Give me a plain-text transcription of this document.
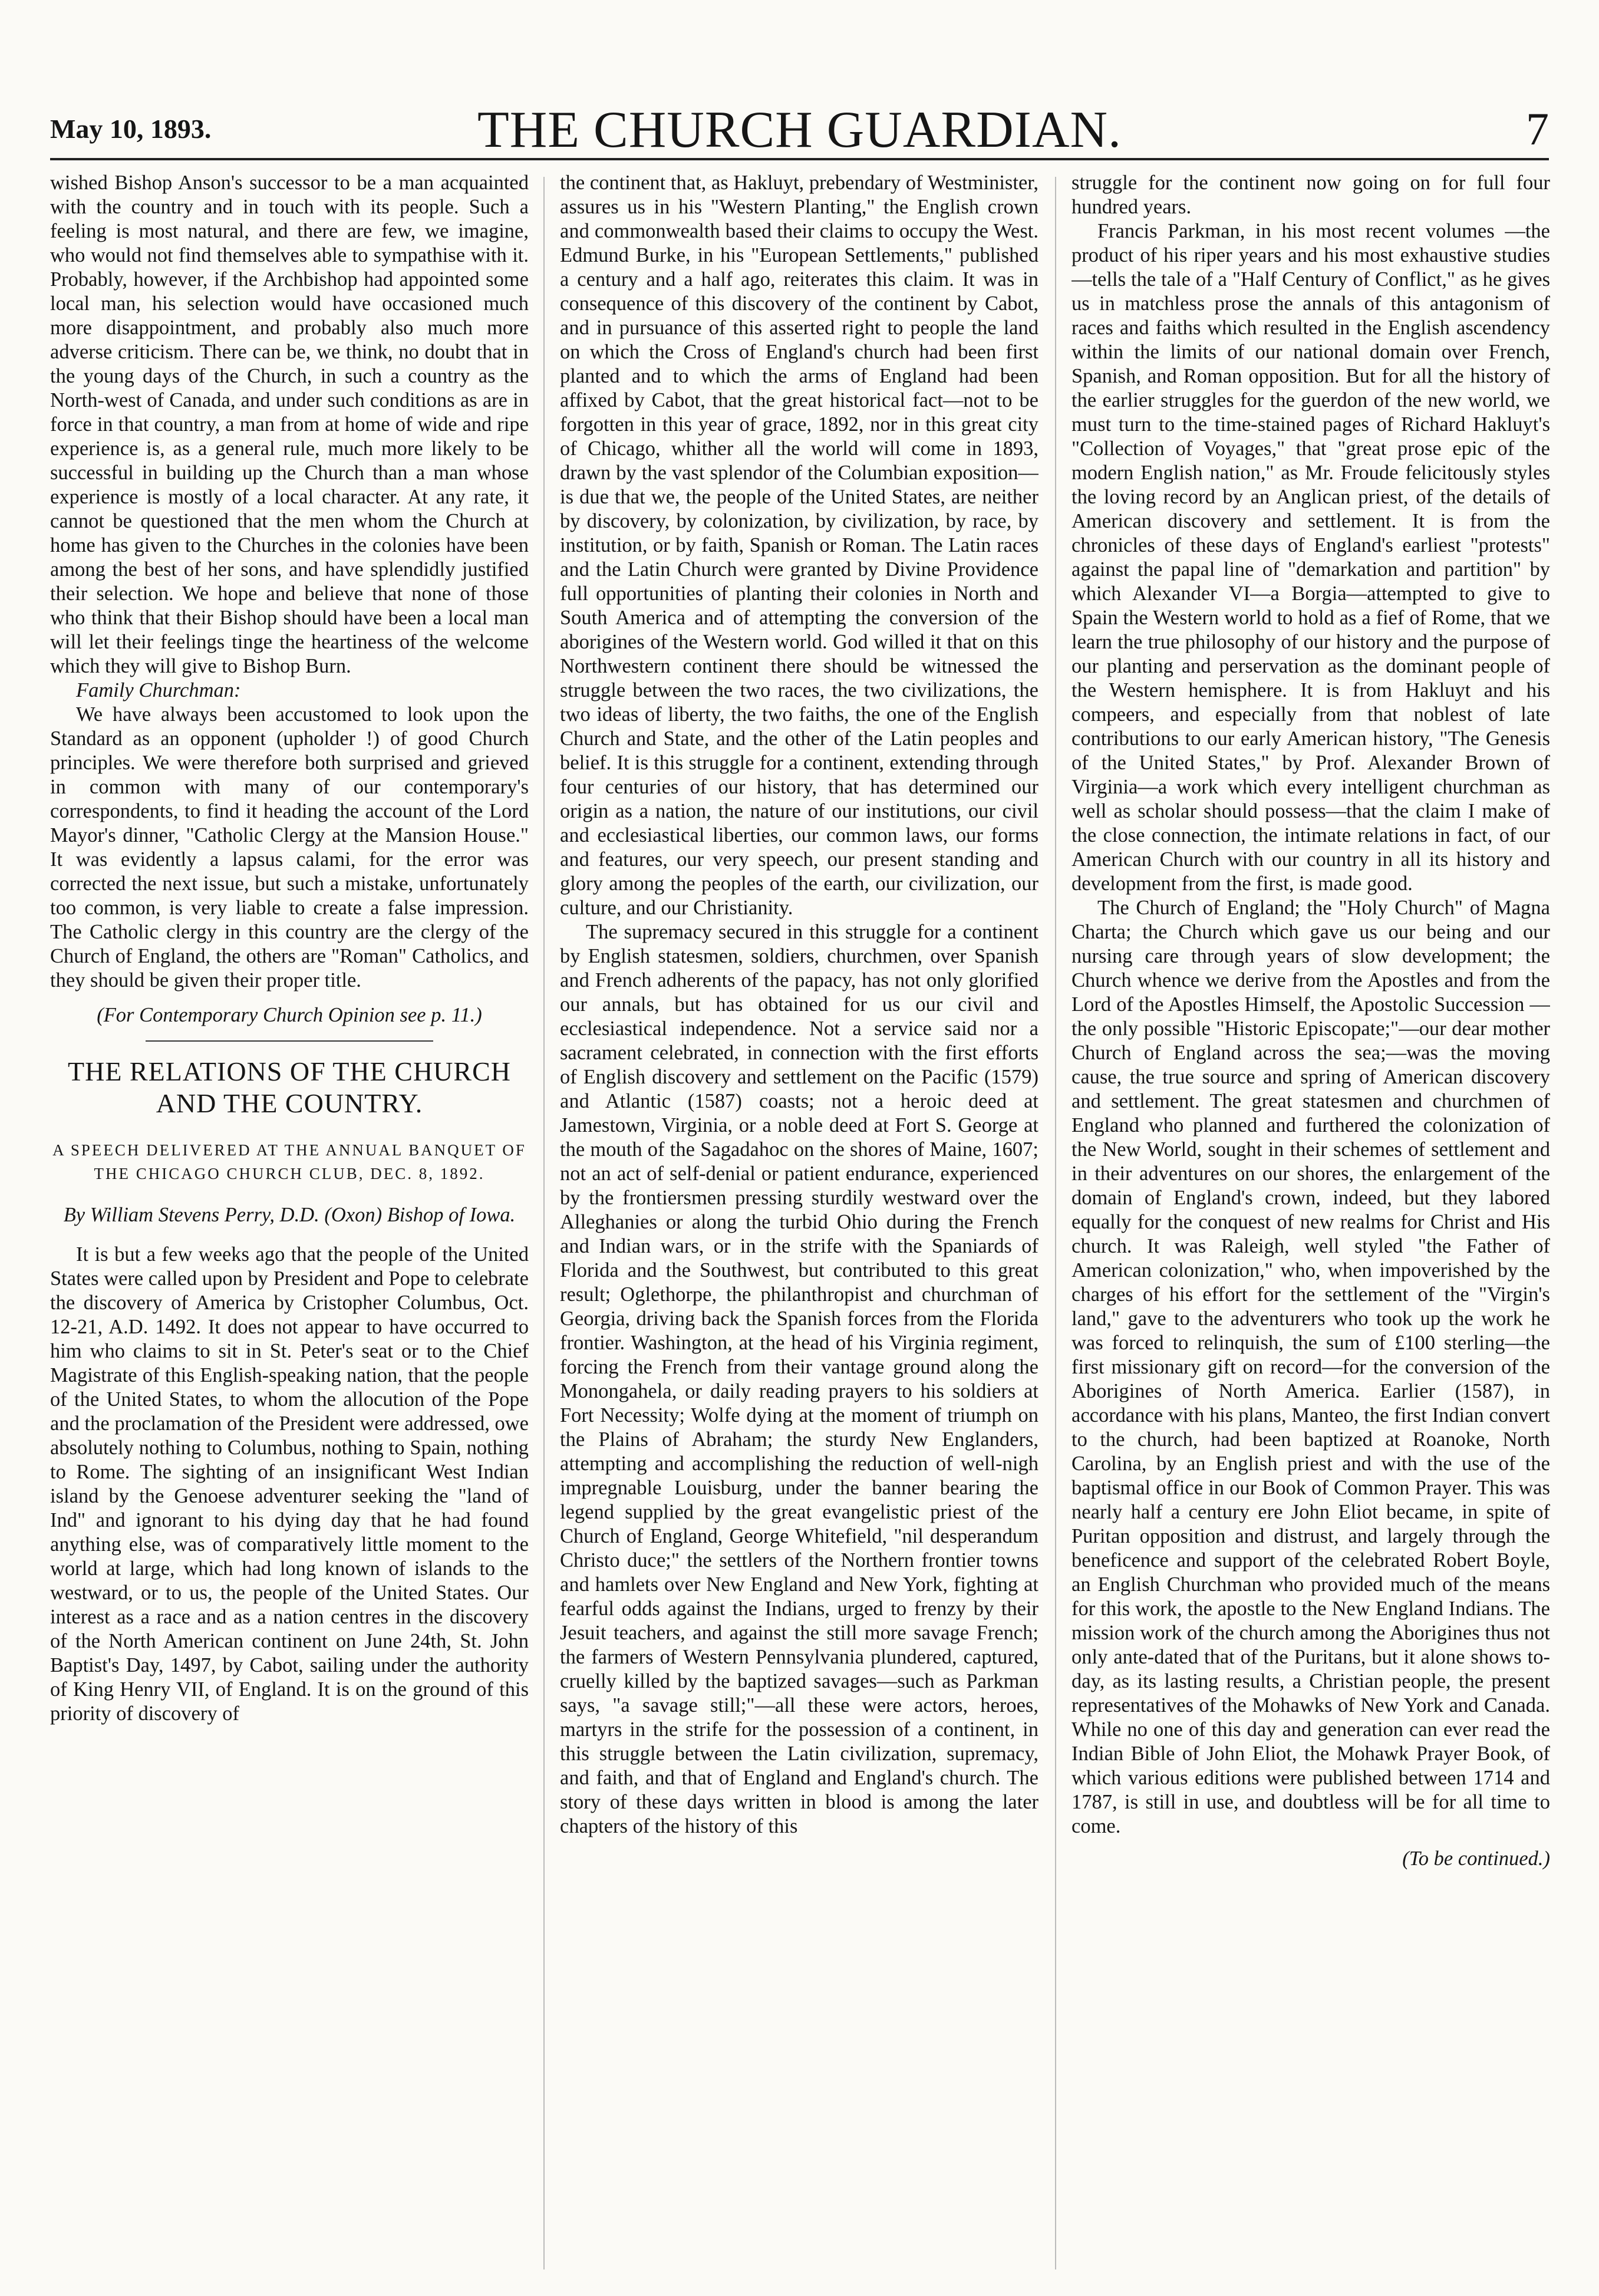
May 10, 1893.	THE CHURCH GUARDIAN.	7

wished Bishop Anson's successor to be a man acquainted with the country and in touch with its people. Such a feeling is most natural, and there are few, we imagine, who would not find themselves able to sympathise with it. Probably, however, if the Archbishop had appointed some local man, his selection would have occasioned much more disappointment, and probably also much more adverse criticism. There can be, we think, no doubt that in the young days of the Church, in such a country as the North-west of Canada, and under such conditions as are in force in that country, a man from at home of wide and ripe experience is, as a general rule, much more likely to be successful in building up the Church than a man whose experience is mostly of a local character. At any rate, it cannot be questioned that the men whom the Church at home has given to the Churches in the colonies have been among the best of her sons, and have splendidly justified their selection. We hope and believe that none of those who think that their Bishop should have been a local man will let their feelings tinge the heartiness of the welcome which they will give to Bishop Burn.

Family Churchman:

We have always been accustomed to look upon the Standard as an opponent (upholder !) of good Church principles. We were therefore both surprised and grieved in common with many of our contemporary's correspondents, to find it heading the account of the Lord Mayor's dinner, "Catholic Clergy at the Mansion House." It was evidently a lapsus calami, for the error was corrected the next issue, but such a mistake, unfortunately too common, is very liable to create a false impression. The Catholic clergy in this country are the clergy of the Church of England, the others are "Roman" Catholics, and they should be given their proper title.

(For Contemporary Church Opinion see p. 11.)
THE RELATIONS OF THE CHURCH AND THE COUNTRY.
A SPEECH DELIVERED AT THE ANNUAL BANQUET OF THE CHICAGO CHURCH CLUB, DEC. 8, 1892.
By William Stevens Perry, D.D. (Oxon) Bishop of Iowa.

It is but a few weeks ago that the people of the United States were called upon by President and Pope to celebrate the discovery of America by Cristopher Columbus, Oct. 12-21, A.D. 1492. It does not appear to have occurred to him who claims to sit in St. Peter's seat or to the Chief Magistrate of this English-speaking nation, that the people of the United States, to whom the allocution of the Pope and the proclamation of the President were addressed, owe absolutely nothing to Columbus, nothing to Spain, nothing to Rome. The sighting of an insignificant West Indian island by the Genoese adventurer seeking the "land of Ind" and ignorant to his dying day that he had found anything else, was of comparatively little moment to the world at large, which had long known of islands to the westward, or to us, the people of the United States. Our interest as a race and as a nation centres in the discovery of the North American continent on June 24th, St. John Baptist's Day, 1497, by Cabot, sailing under the authority of King Henry VII, of England. It is on the ground of this priority of discovery of

the continent that, as Hakluyt, prebendary of Westminister, assures us in his "Western Planting," the English crown and commonwealth based their claims to occupy the West. Edmund Burke, in his "European Settlements," published a century and a half ago, reiterates this claim. It was in consequence of this discovery of the continent by Cabot, and in pursuance of this asserted right to people the land on which the Cross of England's church had been first planted and to which the arms of England had been affixed by Cabot, that the great historical fact—not to be forgotten in this year of grace, 1892, nor in this great city of Chicago, whither all the world will come in 1893, drawn by the vast splendor of the Columbian exposition—is due that we, the people of the United States, are neither by discovery, by colonization, by civilization, by race, by institution, or by faith, Spanish or Roman. The Latin races and the Latin Church were granted by Divine Providence full opportunities of planting their colonies in North and South America and of attempting the conversion of the aborigines of the Western world. God willed it that on this Northwestern continent there should be witnessed the struggle between the two races, the two civilizations, the two ideas of liberty, the two faiths, the one of the English Church and State, and the other of the Latin peoples and belief. It is this struggle for a continent, extending through four centuries of our history, that has determined our origin as a nation, the nature of our institutions, our civil and ecclesiastical liberties, our common laws, our forms and features, our very speech, our present standing and glory among the peoples of the earth, our civilization, our culture, and our Christianity.

The supremacy secured in this struggle for a continent by English statesmen, soldiers, churchmen, over Spanish and French adherents of the papacy, has not only glorified our annals, but has obtained for us our civil and ecclesiastical independence. Not a service said nor a sacrament celebrated, in connection with the first efforts of English discovery and settlement on the Pacific (1579) and Atlantic (1587) coasts; not a heroic deed at Jamestown, Virginia, or a noble deed at Fort S. George at the mouth of the Sagadahoc on the shores of Maine, 1607; not an act of self-denial or patient endurance, experienced by the frontiersmen pressing sturdily westward over the Alleghanies or along the turbid Ohio during the French and Indian wars, or in the strife with the Spaniards of Florida and the Southwest, but contributed to this great result; Oglethorpe, the philanthropist and churchman of Georgia, driving back the Spanish forces from the Florida frontier. Washington, at the head of his Virginia regiment, forcing the French from their vantage ground along the Monongahela, or daily reading prayers to his soldiers at Fort Necessity; Wolfe dying at the moment of triumph on the Plains of Abraham; the sturdy New Englanders, attempting and accomplishing the reduction of well-nigh impregnable Louisburg, under the banner bearing the legend supplied by the great evangelistic priest of the Church of England, George Whitefield, "nil desperandum Christo duce;" the settlers of the Northern frontier towns and hamlets over New England and New York, fighting at fearful odds against the Indians, urged to frenzy by their Jesuit teachers, and against the still more savage French; the farmers of Western Pennsylvania plundered, captured, cruelly killed by the baptized savages—such as Parkman says, "a savage still;"—all these were actors, heroes, martyrs in the strife for the possession of a continent, in this struggle between the Latin civilization, supremacy, and faith, and that of England and England's church. The story of these days written in blood is among the later chapters of the history of this

struggle for the continent now going on for full four hundred years.

Francis Parkman, in his most recent volumes —the product of his riper years and his most exhaustive studies—tells the tale of a "Half Century of Conflict," as he gives us in matchless prose the annals of this antagonism of races and faiths which resulted in the English ascendency within the limits of our national domain over French, Spanish, and Roman opposition. But for all the history of the earlier struggles for the guerdon of the new world, we must turn to the time-stained pages of Richard Hakluyt's "Collection of Voyages," that "great prose epic of the modern English nation," as Mr. Froude felicitously styles the loving record by an Anglican priest, of the details of American discovery and settlement. It is from the chronicles of these days of England's earliest "protests" against the papal line of "demarkation and partition" by which Alexander VI—a Borgia—attempted to give to Spain the Western world to hold as a fief of Rome, that we learn the true philosophy of our history and the purpose of our planting and perservation as the dominant people of the Western hemisphere. It is from Hakluyt and his compeers, and especially from that noblest of late contributions to our early American history, "The Genesis of the United States," by Prof. Alexander Brown of Virginia—a work which every intelligent churchman as well as scholar should possess—that the claim I make of the close connection, the intimate relations in fact, of our American Church with our country in all its history and development from the first, is made good.

The Church of England; the "Holy Church" of Magna Charta; the Church which gave us our being and our nursing care through years of slow development; the Church whence we derive from the Apostles and from the Lord of the Apostles Himself, the Apostolic Succession —the only possible "Historic Episcopate;"—our dear mother Church of England across the sea;—was the moving cause, the true source and spring of American discovery and settlement. The great statesmen and churchmen of England who planned and furthered the colonization of the New World, sought in their schemes of settlement and in their adventures on our shores, the enlargement of the domain of England's crown, indeed, but they labored equally for the conquest of new realms for Christ and His church. It was Raleigh, well styled "the Father of American colonization," who, when impoverished by the charges of his effort for the settlement of the "Virgin's land," gave to the adventurers who took up the work he was forced to relinquish, the sum of £100 sterling—the first missionary gift on record—for the conversion of the Aborigines of North America. Earlier (1587), in accordance with his plans, Manteo, the first Indian convert to the church, had been baptized at Roanoke, North Carolina, by an English priest and with the use of the baptismal office in our Book of Common Prayer. This was nearly half a century ere John Eliot became, in spite of Puritan opposition and distrust, and largely through the beneficence and support of the celebrated Robert Boyle, an English Churchman who provided much of the means for this work, the apostle to the New England Indians. The mission work of the church among the Aborigines thus not only ante-dated that of the Puritans, but it alone shows to-day, as its lasting results, a Christian people, the present representatives of the Mohawks of New York and Canada. While no one of this day and generation can ever read the Indian Bible of John Eliot, the Mohawk Prayer Book, of which various editions were published between 1714 and 1787, is still in use, and doubtless will be for all time to come.

(To be continued.)
